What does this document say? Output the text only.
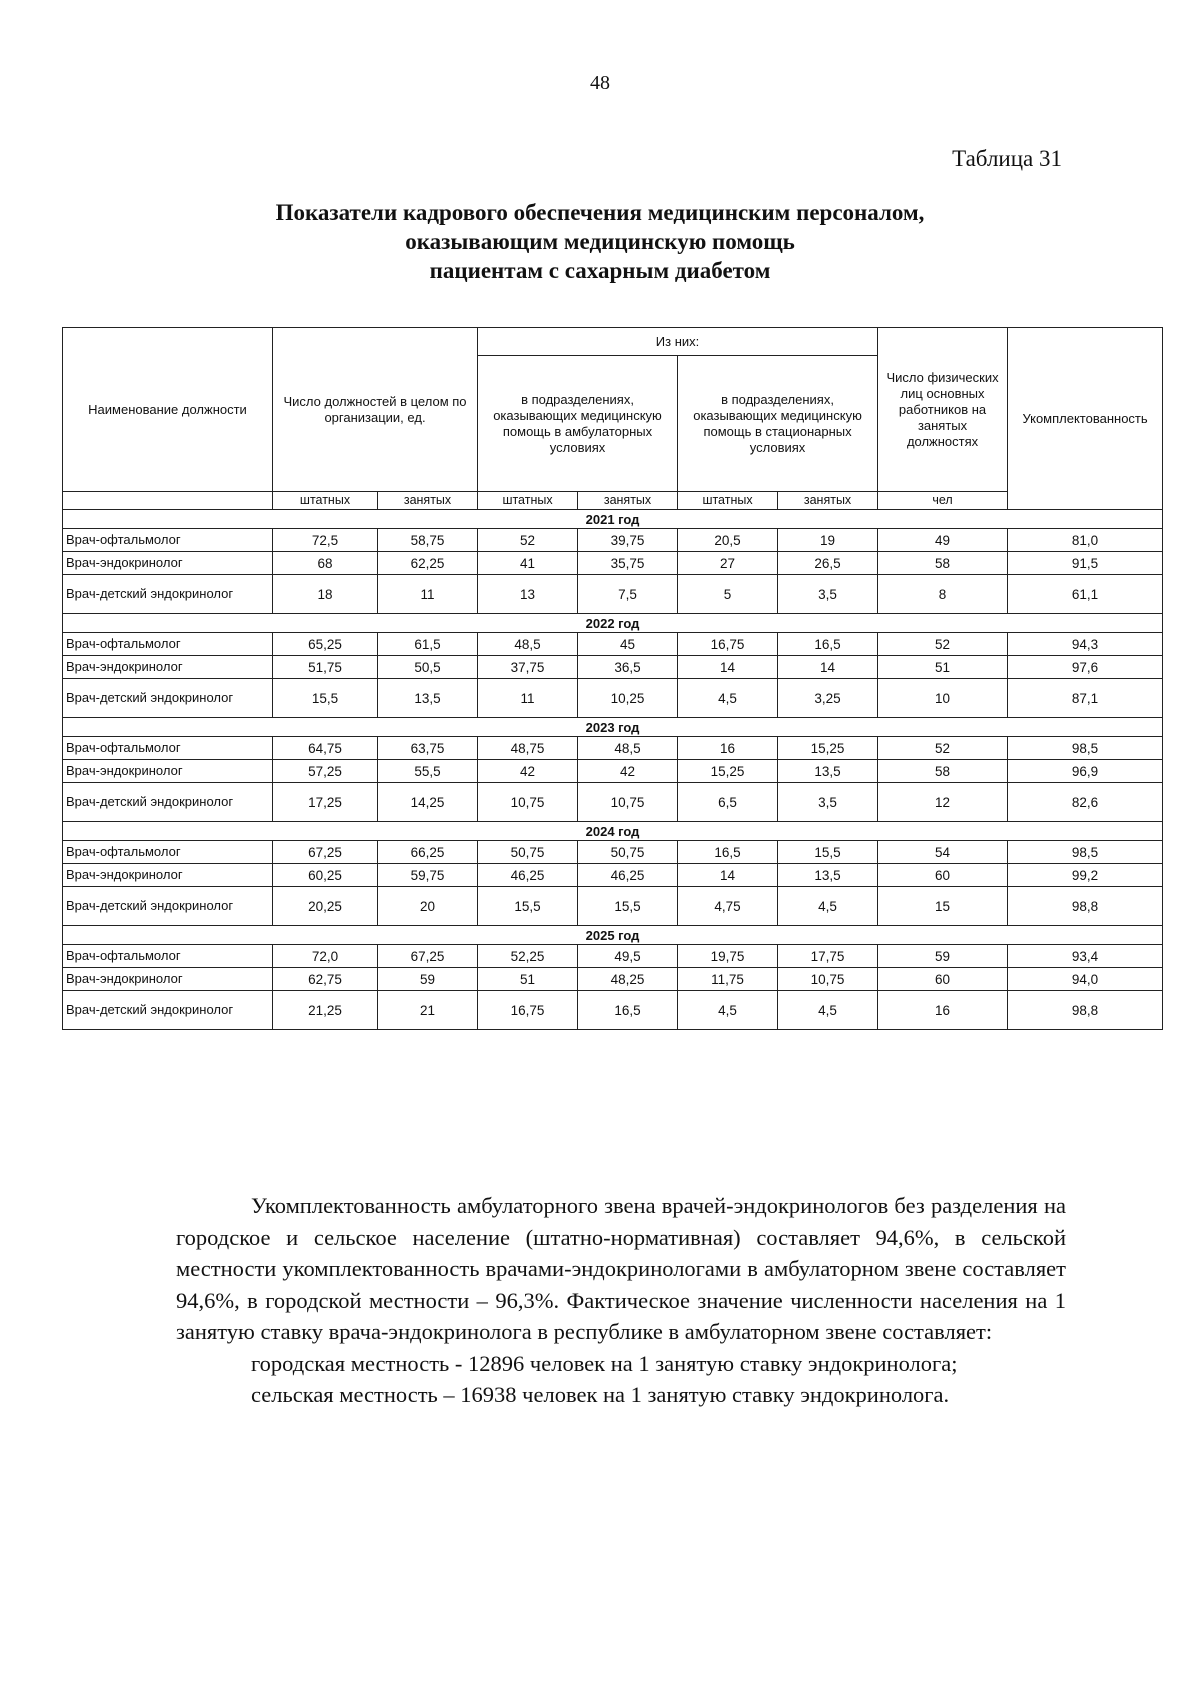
48
Таблица 31
Показатели кадрового обеспечения медицинским персоналом,
оказывающим медицинскую помощь
пациентам с сахарным диабетом
Наименование должности	Число должностей в целом по организации, ед.		Из них:				Число физических лиц основных работников на занятых должностях	Укомплектованность
			в подразделениях, оказывающих медицинскую помощь в амбулаторных условиях		в подразделениях, оказывающих медицинскую помощь в стационарных условиях			
	штатных	занятых	штатных	занятых	штатных	занятых	чел	
2021 год								
Врач-офтальмолог	72,5	58,75	52	39,75	20,5	19	49	81,0
Врач-эндокринолог	68	62,25	41	35,75	27	26,5	58	91,5
Врач-детский эндокринолог	18	11	13	7,5	5	3,5	8	61,1
2022 год								
Врач-офтальмолог	65,25	61,5	48,5	45	16,75	16,5	52	94,3
Врач-эндокринолог	51,75	50,5	37,75	36,5	14	14	51	97,6
Врач-детский эндокринолог	15,5	13,5	11	10,25	4,5	3,25	10	87,1
2023 год								
Врач-офтальмолог	64,75	63,75	48,75	48,5	16	15,25	52	98,5
Врач-эндокринолог	57,25	55,5	42	42	15,25	13,5	58	96,9
Врач-детский эндокринолог	17,25	14,25	10,75	10,75	6,5	3,5	12	82,6
2024 год								
Врач-офтальмолог	67,25	66,25	50,75	50,75	16,5	15,5	54	98,5
Врач-эндокринолог	60,25	59,75	46,25	46,25	14	13,5	60	99,2
Врач-детский эндокринолог	20,25	20	15,5	15,5	4,75	4,5	15	98,8
2025 год								
Врач-офтальмолог	72,0	67,25	52,25	49,5	19,75	17,75	59	93,4
Врач-эндокринолог	62,75	59	51	48,25	11,75	10,75	60	94,0
Врач-детский эндокринолог	21,25	21	16,75	16,5	4,5	4,5	16	98,8

Укомплектованность амбулаторного звена врачей-эндокринологов без разделения на городское и сельское население (штатно-нормативная) составляет 94,6%, в сельской местности укомплектованность врачами-эндокринологами в амбулаторном звене составляет 94,6%, в городской местности – 96,3%. Фактическое значение численности населения на 1 занятую ставку врача-эндокринолога в республике в амбулаторном звене составляет:

городская местность - 12896 человек на 1 занятую ставку эндокринолога;

сельская местность – 16938 человек на 1 занятую ставку эндокринолога.
